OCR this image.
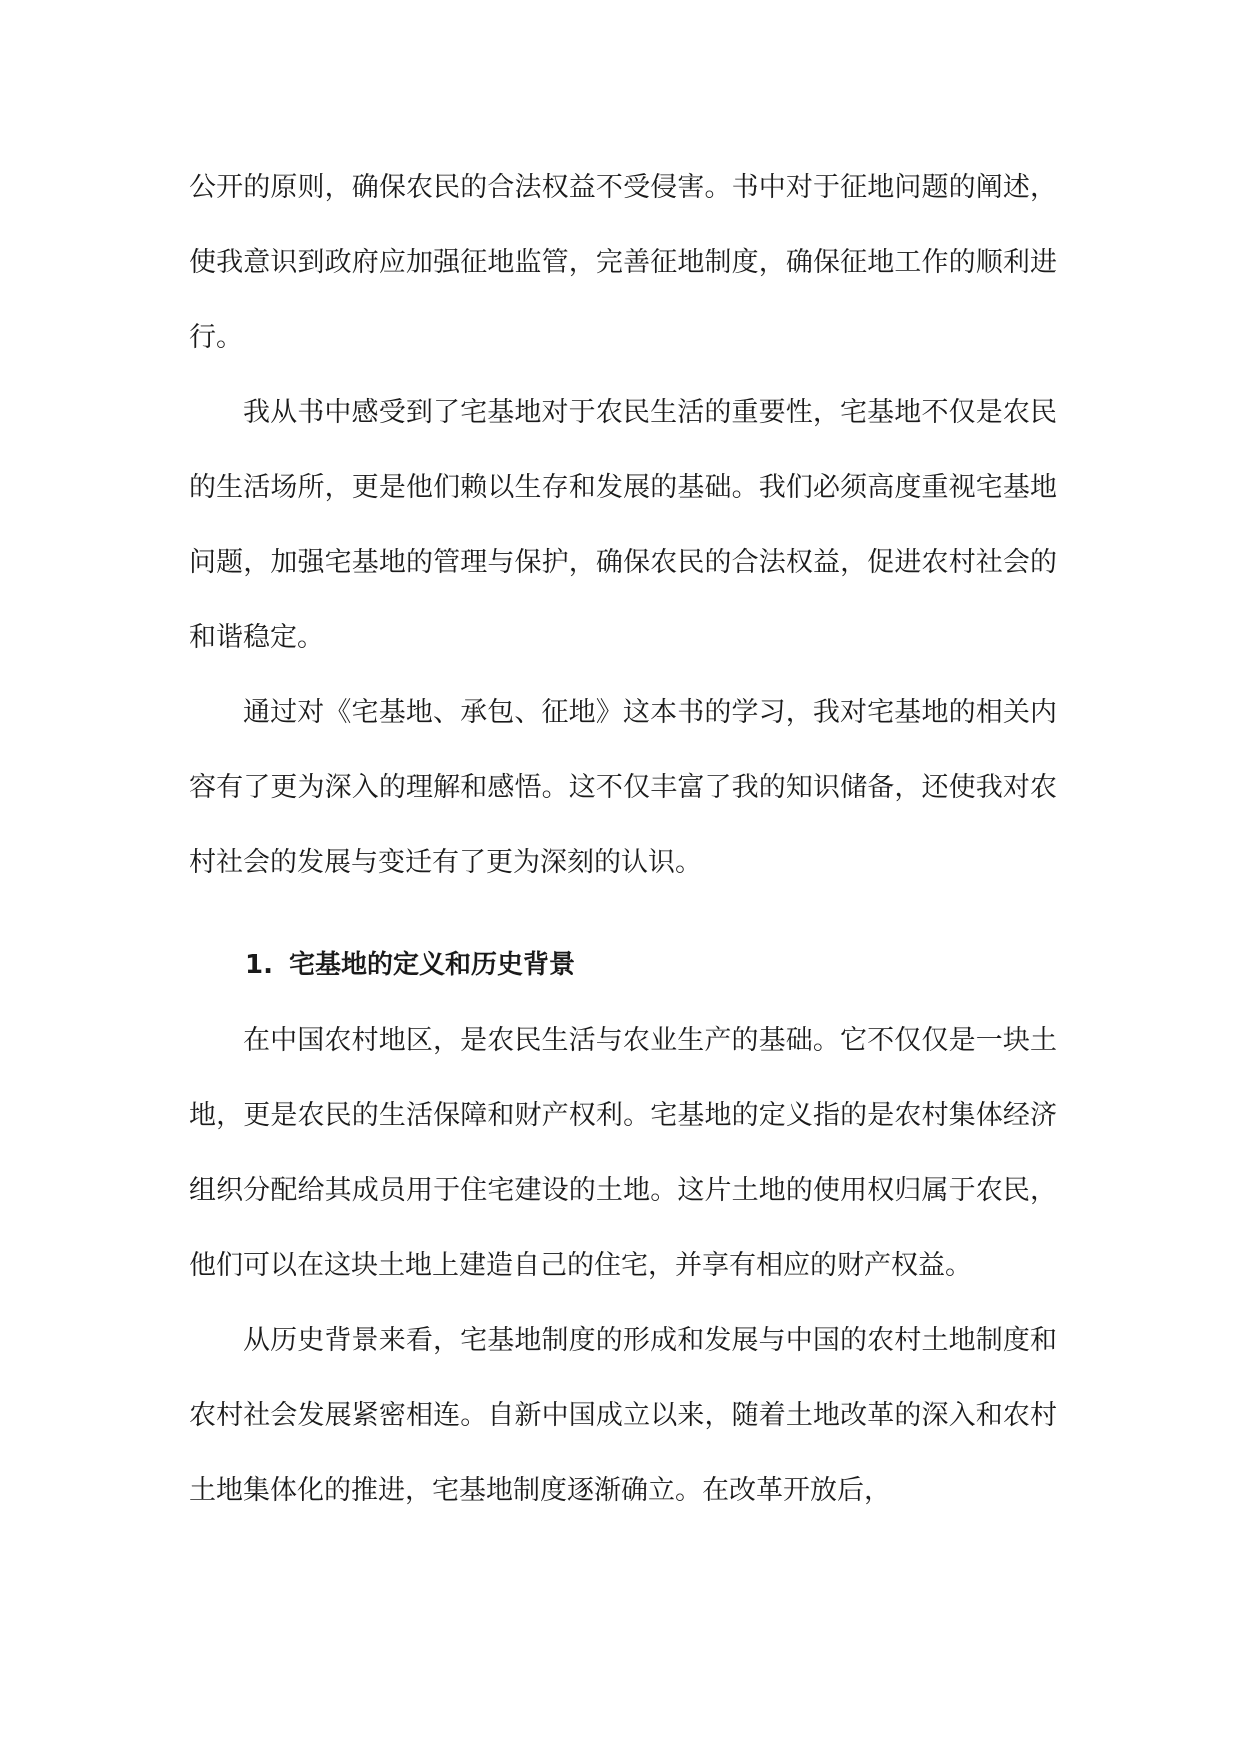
公开的原则，确保农民的合法权益不受侵害。书中对于征地问题的阐述，使我意识到政府应加强征地监管，完善征地制度，确保征地工作的顺利进行。

我从书中感受到了宅基地对于农民生活的重要性，宅基地不仅是农民的生活场所，更是他们赖以生存和发展的基础。我们必须高度重视宅基地问题，加强宅基地的管理与保护，确保农民的合法权益，促进农村社会的和谐稳定。

通过对《宅基地、承包、征地》这本书的学习，我对宅基地的相关内容有了更为深入的理解和感悟。这不仅丰富了我的知识储备，还使我对农村社会的发展与变迁有了更为深刻的认识。

1. 宅基地的定义和历史背景

在中国农村地区，是农民生活与农业生产的基础。它不仅仅是一块土地，更是农民的生活保障和财产权利。宅基地的定义指的是农村集体经济组织分配给其成员用于住宅建设的土地。这片土地的使用权归属于农民，他们可以在这块土地上建造自己的住宅，并享有相应的财产权益。

从历史背景来看，宅基地制度的形成和发展与中国的农村土地制度和农村社会发展紧密相连。自新中国成立以来，随着土地改革的深入和农村土地集体化的推进，宅基地制度逐渐确立。在改革开放后，
